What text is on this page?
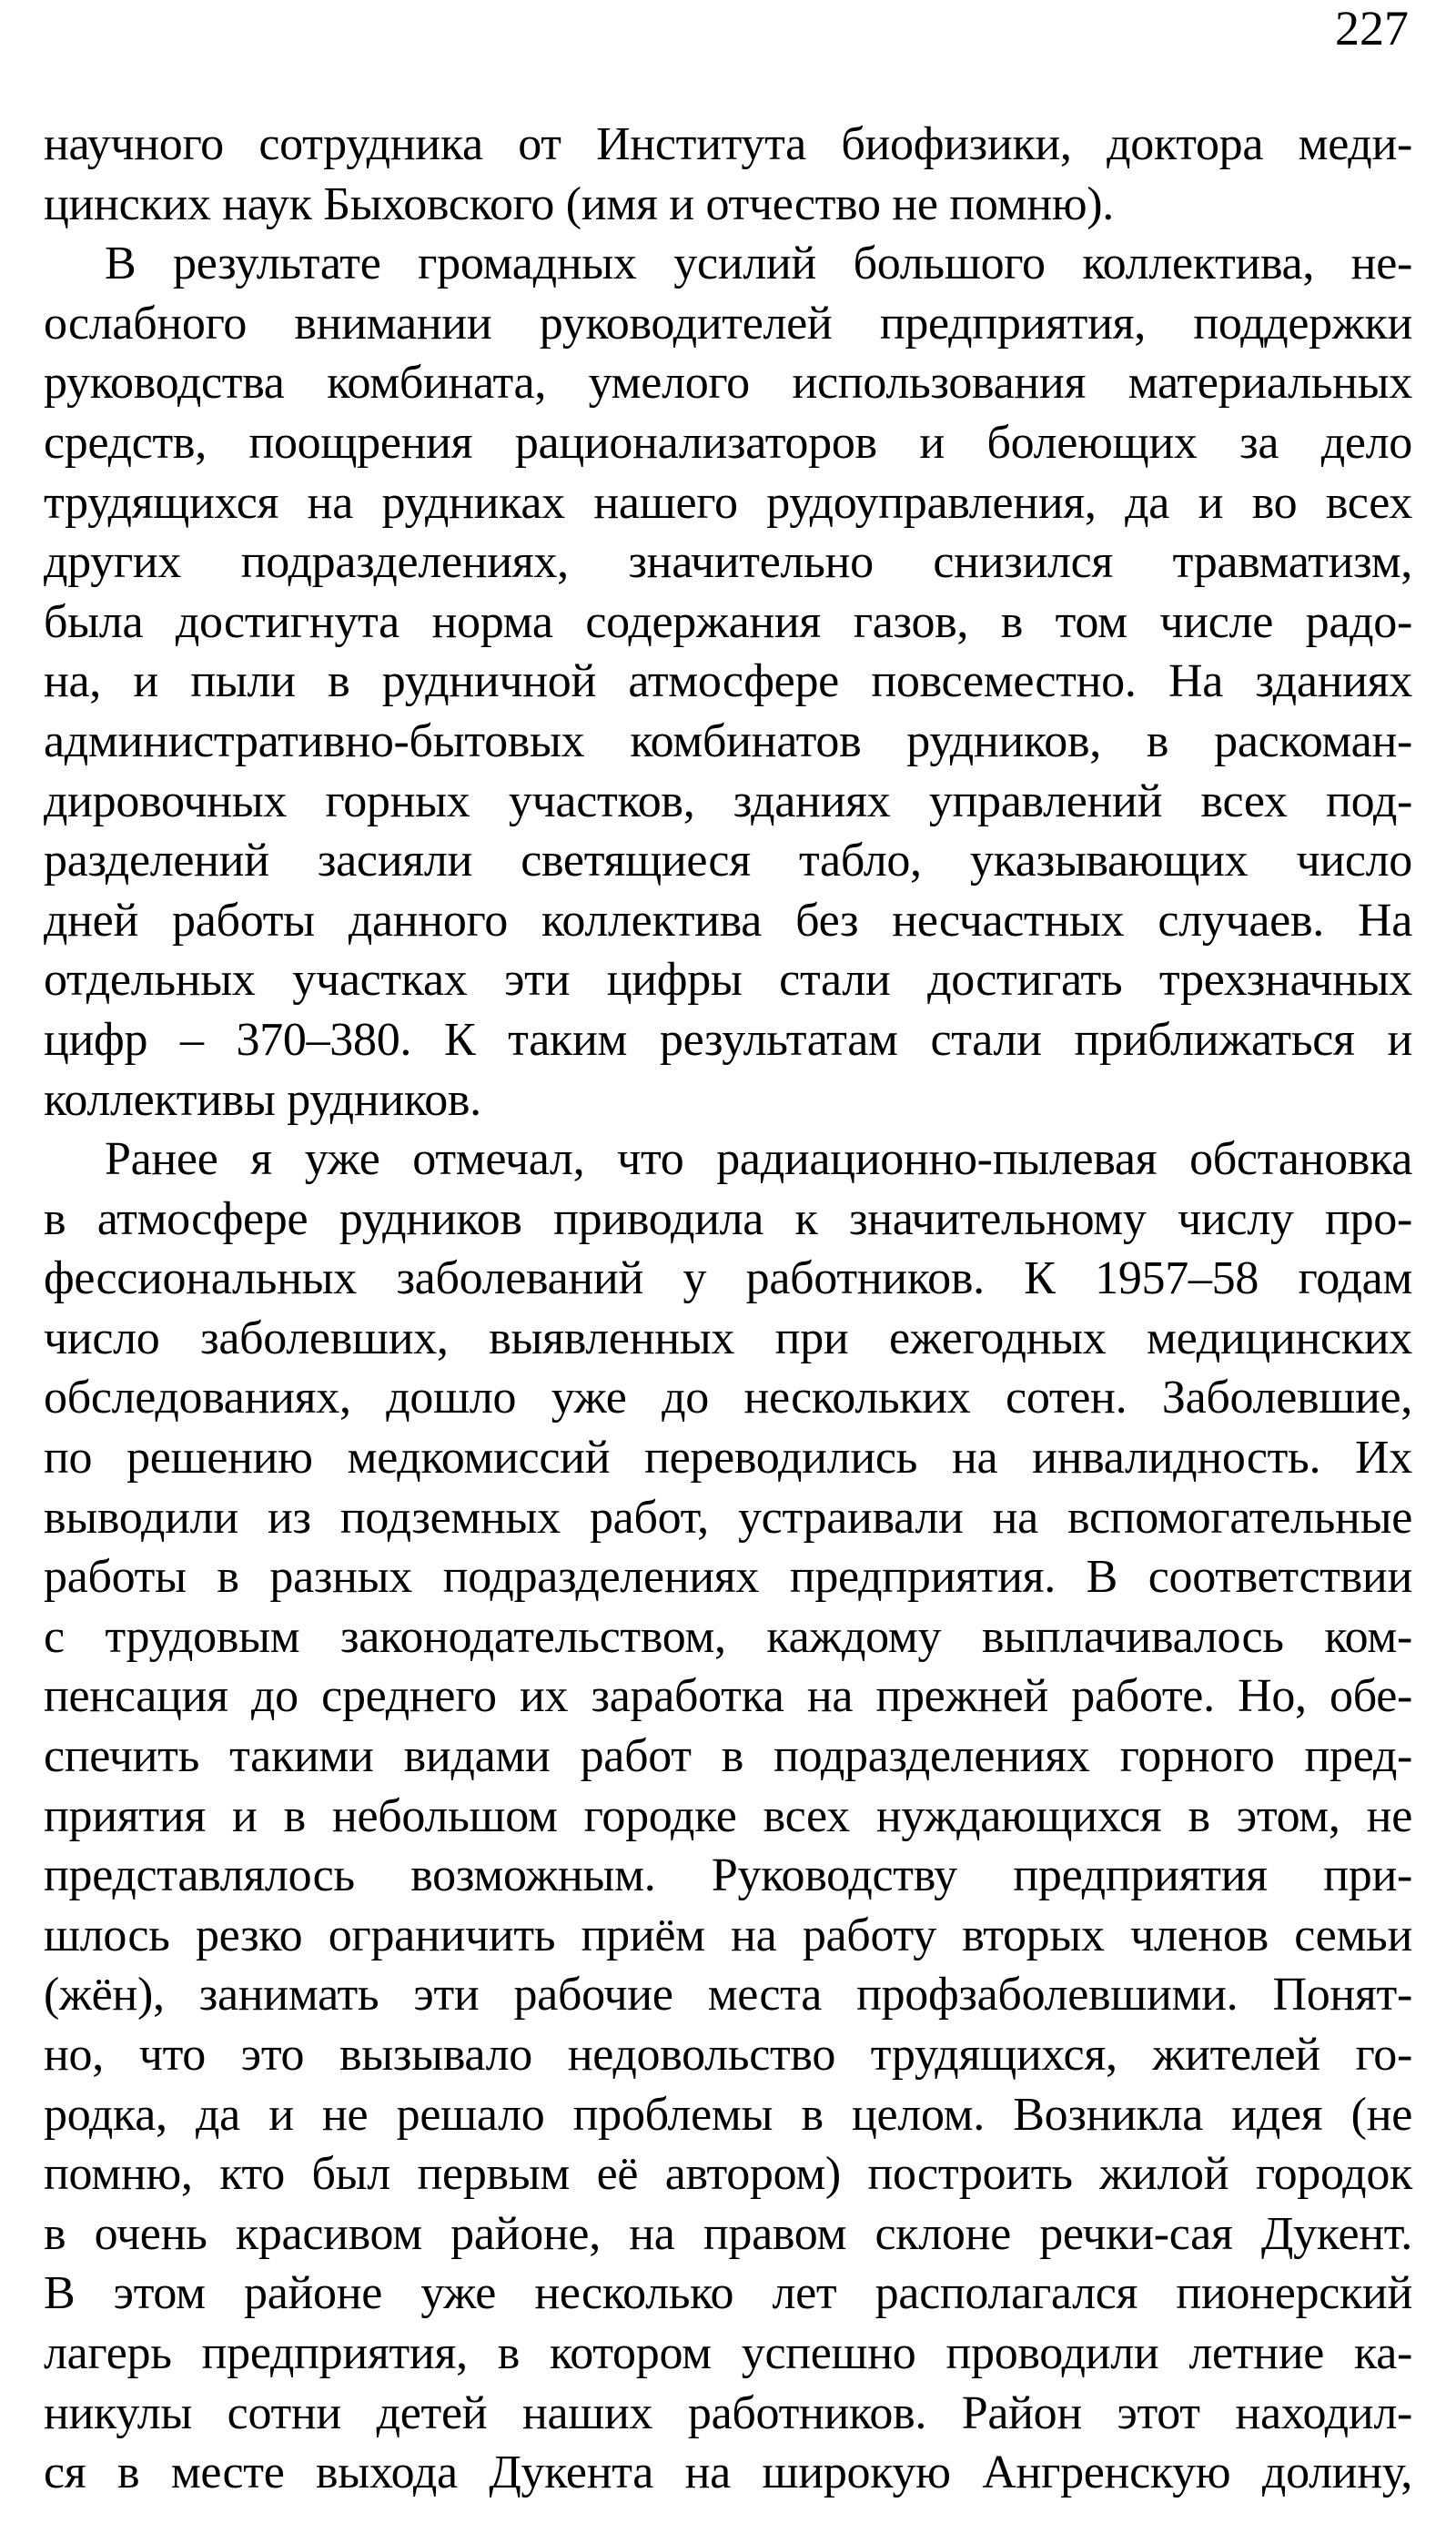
227
научного сотрудника от Института биофизики, доктора меди-
цинских наук Быховского (имя и отчество не помню).
В результате громадных усилий большого коллектива, не-
ослабного внимании руководителей предприятия, поддержки
руководства комбината, умелого использования материальных
средств, поощрения рационализаторов и болеющих за дело
трудящихся на рудниках нашего рудоуправления, да и во всех
других подразделениях, значительно снизился травматизм,
была достигнута норма содержания газов, в том числе радо-
на, и пыли в рудничной атмосфере повсеместно. На зданиях
административно-бытовых комбинатов рудников, в раскоман-
дировочных горных участков, зданиях управлений всех под-
разделений засияли светящиеся табло, указывающих число
дней работы данного коллектива без несчастных случаев. На
отдельных участках эти цифры стали достигать трехзначных
цифр – 370–380. К таким результатам стали приближаться и
коллективы рудников.
Ранее я уже отмечал, что радиационно-пылевая обстановка
в атмосфере рудников приводила к значительному числу про-
фессиональных заболеваний у работников. К 1957–58 годам
число заболевших, выявленных при ежегодных медицинских
обследованиях, дошло уже до нескольких сотен. Заболевшие,
по решению медкомиссий переводились на инвалидность. Их
выводили из подземных работ, устраивали на вспомогательные
работы в разных подразделениях предприятия. В соответствии
с трудовым законодательством, каждому выплачивалось ком-
пенсация до среднего их заработка на прежней работе. Но, обе-
спечить такими видами работ в подразделениях горного пред-
приятия и в небольшом городке всех нуждающихся в этом, не
представлялось возможным. Руководству предприятия при-
шлось резко ограничить приём на работу вторых членов семьи
(жён), занимать эти рабочие места профзаболевшими. Понят-
но, что это вызывало недовольство трудящихся, жителей го-
родка, да и не решало проблемы в целом. Возникла идея (не
помню, кто был первым её автором) построить жилой городок
в очень красивом районе, на правом склоне речки-сая Дукент.
В этом районе уже несколько лет располагался пионерский
лагерь предприятия, в котором успешно проводили летние ка-
никулы сотни детей наших работников. Район этот находил-
ся в месте выхода Дукента на широкую Ангренскую долину,
